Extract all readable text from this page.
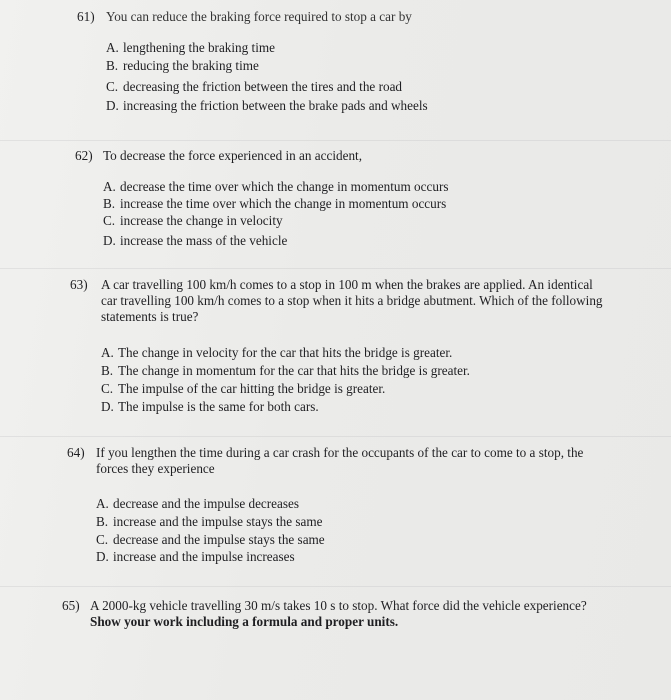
61) You can reduce the braking force required to stop a car by
A. lengthening the braking time
B. reducing the braking time
C. decreasing the friction between the tires and the road
D. increasing the friction between the brake pads and wheels
62) To decrease the force experienced in an accident,
A. decrease the time over which the change in momentum occurs
B. increase the time over which the change in momentum occurs
C. increase the change in velocity
D. increase the mass of the vehicle
63) A car travelling 100 km/h comes to a stop in 100 m when the brakes are applied. An identical car travelling 100 km/h comes to a stop when it hits a bridge abutment. Which of the following statements is true?
A. The change in velocity for the car that hits the bridge is greater.
B. The change in momentum for the car that hits the bridge is greater.
C. The impulse of the car hitting the bridge is greater.
D. The impulse is the same for both cars.
64) If you lengthen the time during a car crash for the occupants of the car to come to a stop, the forces they experience
A. decrease and the impulse decreases
B. increase and the impulse stays the same
C. decrease and the impulse stays the same
D. increase and the impulse increases
65) A 2000-kg vehicle travelling 30 m/s takes 10 s to stop. What force did the vehicle experience? Show your work including a formula and proper units.
